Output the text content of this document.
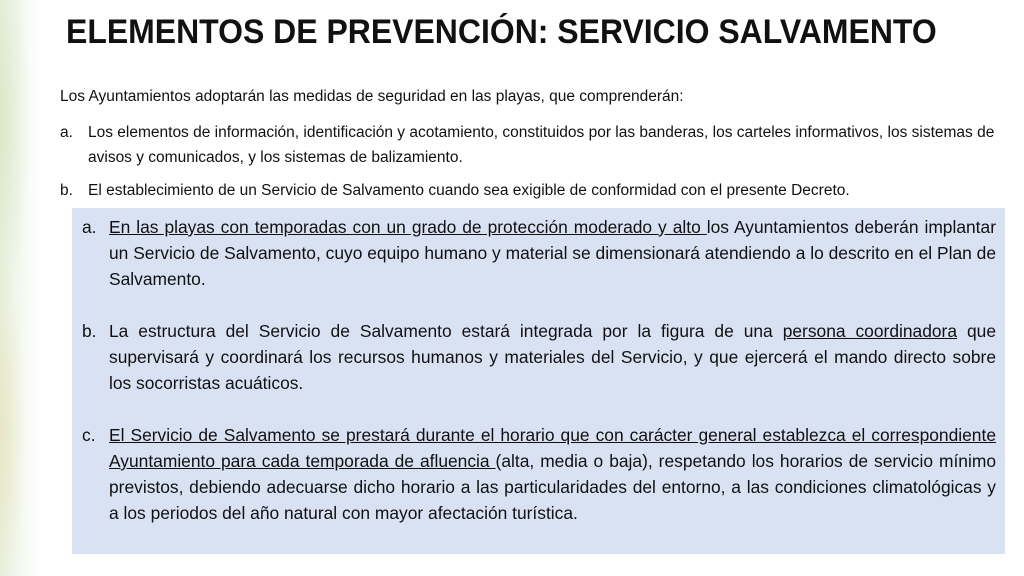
ELEMENTOS DE PREVENCIÓN: SERVICIO SALVAMENTO
Los Ayuntamientos adoptarán las medidas de seguridad en las playas, que comprenderán:
a. Los elementos de información, identificación y acotamiento, constituidos por las banderas, los carteles informativos, los sistemas de avisos y comunicados, y los sistemas de balizamiento.
b. El establecimiento de un Servicio de Salvamento cuando sea exigible de conformidad con el presente Decreto.
a. En las playas con temporadas con un grado de protección moderado y alto los Ayuntamientos deberán implantar un Servicio de Salvamento, cuyo equipo humano y material se dimensionará atendiendo a lo descrito en el Plan de Salvamento.
b. La estructura del Servicio de Salvamento estará integrada por la figura de una persona coordinadora que supervisará y coordinará los recursos humanos y materiales del Servicio, y que ejercerá el mando directo sobre los socorristas acuáticos.
c. El Servicio de Salvamento se prestará durante el horario que con carácter general establezca el correspondiente Ayuntamiento para cada temporada de afluencia (alta, media o baja), respetando los horarios de servicio mínimo previstos, debiendo adecuarse dicho horario a las particularidades del entorno, a las condiciones climatológicas y a los periodos del año natural con mayor afectación turística.
